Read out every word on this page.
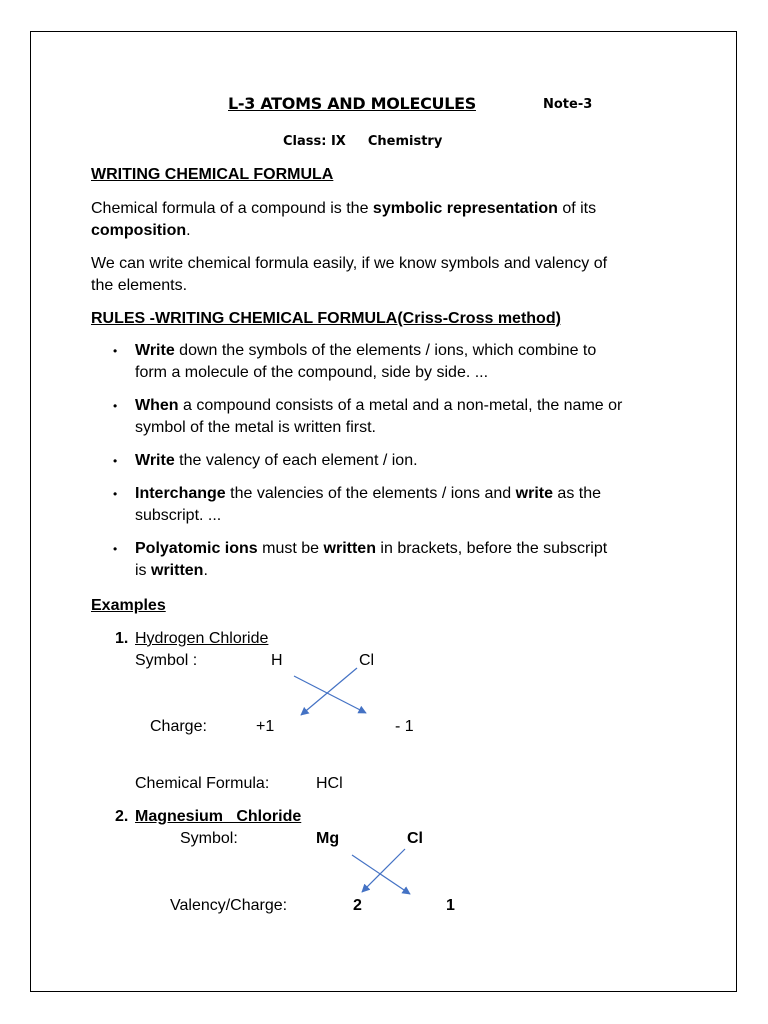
L-3 ATOMS AND MOLECULES	Note-3
Class: IX Chemistry
WRITING CHEMICAL FORMULA
Chemical formula of a compound is the symbolic representation of its
composition.
We can write chemical formula easily, if we know symbols and valency of
the elements.
RULES -WRITING CHEMICAL FORMULA(Criss-Cross method)
• Write down the symbols of the elements / ions, which combine to
form a molecule of the compound, side by side. ...
• When a compound consists of a metal and a non-metal, the name or
symbol of the metal is written first.
• Write the valency of each element / ion.
• Interchange the valencies of the elements / ions and write as the
subscript. ...
• Polyatomic ions must be written in brackets, before the subscript
is written.
Examples
1. Hydrogen Chloride
Symbol :	H	Cl
Charge:	+1	- 1
Chemical Formula:	HCl
2. Magnesium   Chloride
Symbol:	Mg	Cl
Valency/Charge:	2	1
